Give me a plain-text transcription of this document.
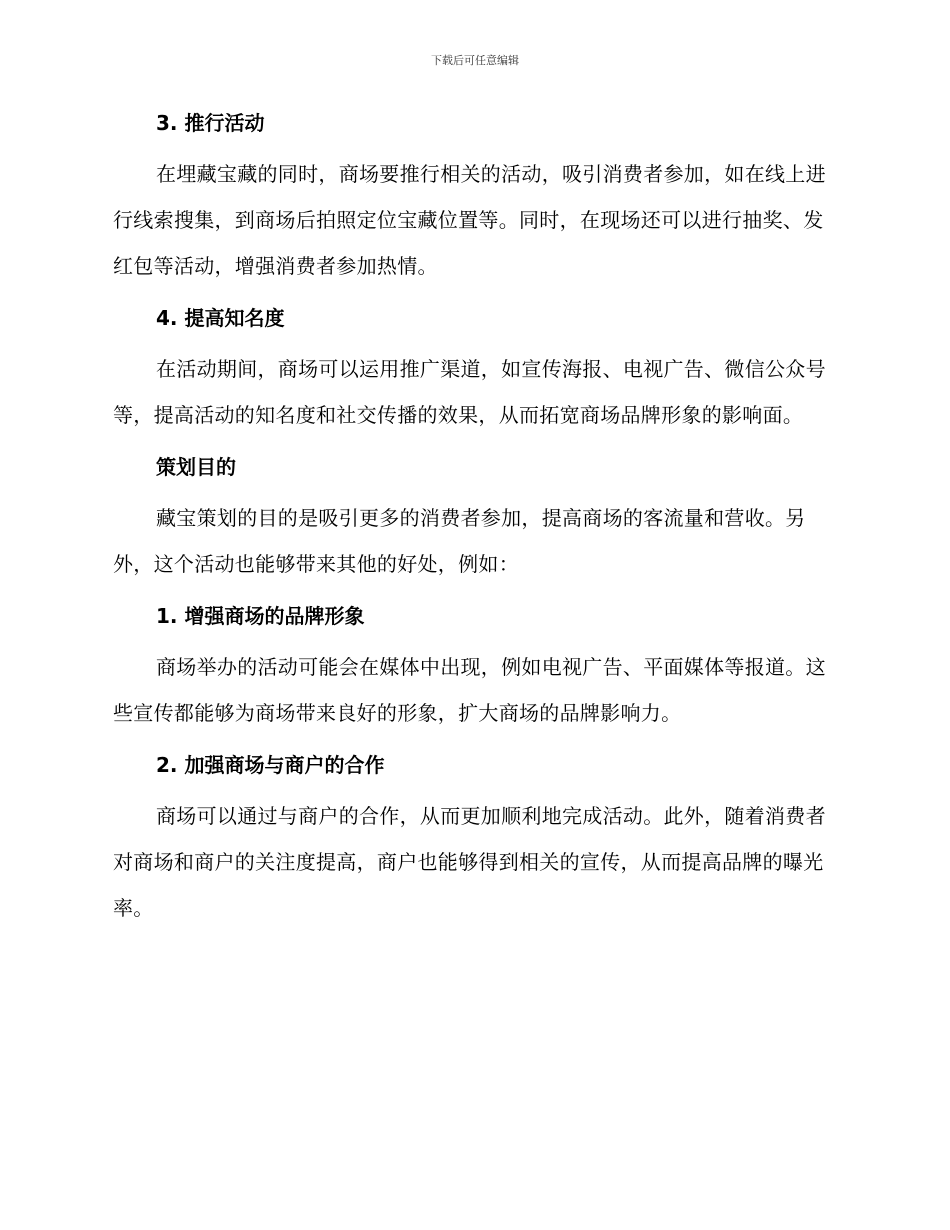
下载后可任意编辑
3. 推行活动

在埋藏宝藏的同时，商场要推行相关的活动，吸引消费者参加，如在线上进行线索搜集，到商场后拍照定位宝藏位置等。同时，在现场还可以进行抽奖、发红包等活动，增强消费者参加热情。

4. 提高知名度

在活动期间，商场可以运用推广渠道，如宣传海报、电视广告、微信公众号等，提高活动的知名度和社交传播的效果，从而拓宽商场品牌形象的影响面。

策划目的

藏宝策划的目的是吸引更多的消费者参加，提高商场的客流量和营收。另外，这个活动也能够带来其他的好处，例如：

1. 增强商场的品牌形象

商场举办的活动可能会在媒体中出现，例如电视广告、平面媒体等报道。这些宣传都能够为商场带来良好的形象，扩大商场的品牌影响力。

2. 加强商场与商户的合作

商场可以通过与商户的合作，从而更加顺利地完成活动。此外，随着消费者对商场和商户的关注度提高，商户也能够得到相关的宣传，从而提高品牌的曝光率。
